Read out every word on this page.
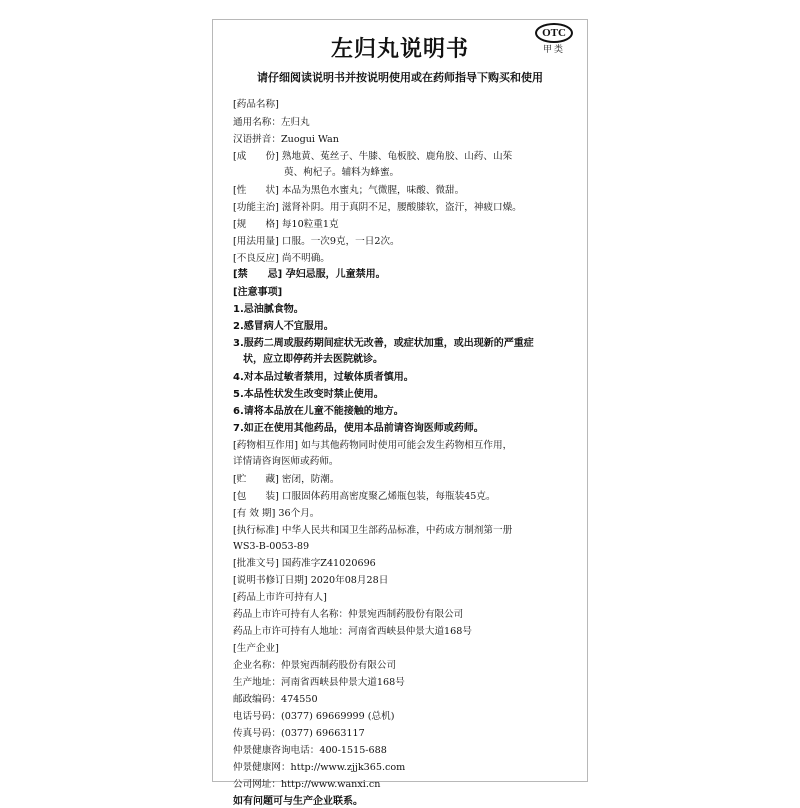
左归丸说明书
请仔细阅读说明书并按说明使用或在药师指导下购买和使用
OTC
甲类
[药品名称]
通用名称：左归丸
汉语拼音：Zuogui Wan
[成　　份] 熟地黄、菟丝子、牛膝、龟板胶、鹿角胶、山药、山茱
　　　　　 萸、枸杞子。辅料为蜂蜜。
[性　　状] 本品为黑色水蜜丸；气微腥，味酸、微甜。
[功能主治] 滋肾补阴。用于真阴不足，腰酸膝软，盗汗，神疲口燥。
[规　　格] 每10粒重1克
[用法用量] 口服。一次9克，一日2次。
[不良反应] 尚不明确。
[禁　　忌] 孕妇忌服，儿童禁用。
[注意事项]
1.忌油腻食物。
2.感冒病人不宜服用。
3.服药二周或服药期间症状无改善，或症状加重，或出现新的严重症
　状，应立即停药并去医院就诊。
4.对本品过敏者禁用，过敏体质者慎用。
5.本品性状发生改变时禁止使用。
6.请将本品放在儿童不能接触的地方。
7.如正在使用其他药品，使用本品前请咨询医师或药师。
[药物相互作用] 如与其他药物同时使用可能会发生药物相互作用，
详情请咨询医师或药师。
[贮　　藏] 密闭，防潮。
[包　　装] 口服固体药用高密度聚乙烯瓶包装，每瓶装45克。
[有 效 期] 36个月。
[执行标准] 中华人民共和国卫生部药品标准，中药成方制剂第一册
WS3-B-0053-89
[批准文号] 国药准字Z41020696
[说明书修订日期] 2020年08月28日
[药品上市许可持有人]
药品上市许可持有人名称：仲景宛西制药股份有限公司
药品上市许可持有人地址：河南省西峡县仲景大道168号
[生产企业]
企业名称：仲景宛西制药股份有限公司
生产地址：河南省西峡县仲景大道168号
邮政编码：474550
电话号码：(0377) 69669999 (总机)
传真号码：(0377) 69663117
仲景健康咨询电话：400-1515-688
仲景健康网：http://www.zjjk365.com
公司网址：http://www.wanxi.cn
如有问题可与生产企业联系。
